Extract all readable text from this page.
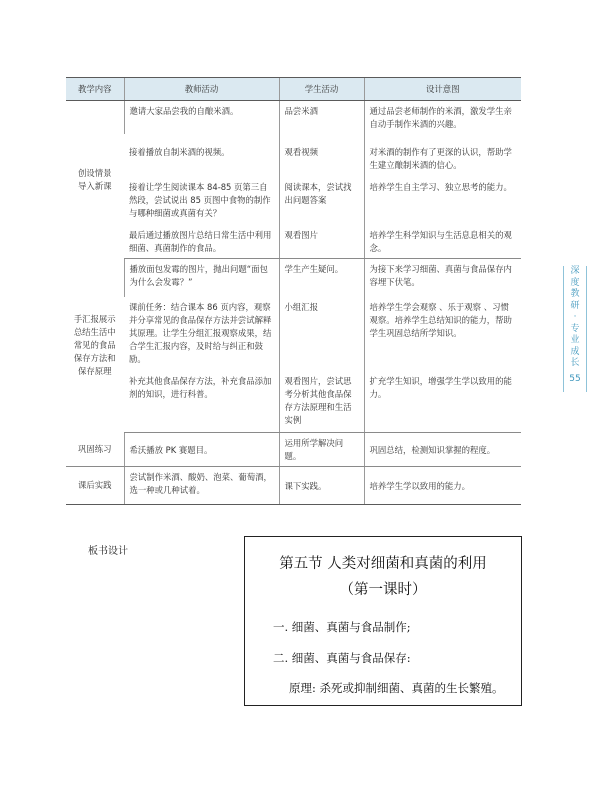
教学内容	教师活动	学生活动	设计意图

创设情景
导入新课	邀请大家品尝我的自酿米酒。	品尝米酒	通过品尝老师制作的米酒，激发学生亲自动手制作米酒的兴趣。
	接着播放自制米酒的视频。	观看视频	对米酒的制作有了更深的认识，帮助学生建立酿制米酒的信心。
	接着让学生阅读课本 84-85 页第三自然段，尝试说出 85 页图中食物的制作与哪种细菌或真菌有关？	阅读课本，尝试找出问题答案	培养学生自主学习、独立思考的能力。
	最后通过播放图片总结日常生活中利用细菌、真菌制作的食品。	观看图片	培养学生科学知识与生活息息相关的观念。

手汇报展示
总结生活中
常见的食品
保存方法和
保存原理	播放面包发霉的图片，抛出问题“面包为什么会发霉？”	学生产生疑问。	为接下来学习细菌、真菌与食品保存内容埋下伏笔。
	课前任务：结合课本 86 页内容，观察并分享常见的食品保存方法并尝试解释其原理。让学生分组汇报观察成果，结合学生汇报内容，及时给与纠正和鼓励。	小组汇报	培养学生学会观察 、乐于观察 、习惯观察。培养学生总结知识的能力，帮助学生巩固总结所学知识。
	补充其他食品保存方法，补充食品添加剂的知识，进行科普。	观看图片，尝试思考分析其他食品保存方法原理和生活实例	扩充学生知识，增强学生学以致用的能力。
巩固练习	希沃播放 PK 赛题目。	运用所学解决问题。	巩固总结，检测知识掌握的程度。
课后实践	尝试制作米酒、酸奶、泡菜、葡萄酒，选一种或几种试着。	课下实践。	培养学生学以致用的能力。
深
度
教
研
·
专
业
成
长
55
板书设计
第五节 人类对细菌和真菌的利用
（第一课时）
一. 细菌、真菌与食品制作;
二. 细菌、真菌与食品保存:
原理: 杀死或抑制细菌、真菌的生长繁殖。
